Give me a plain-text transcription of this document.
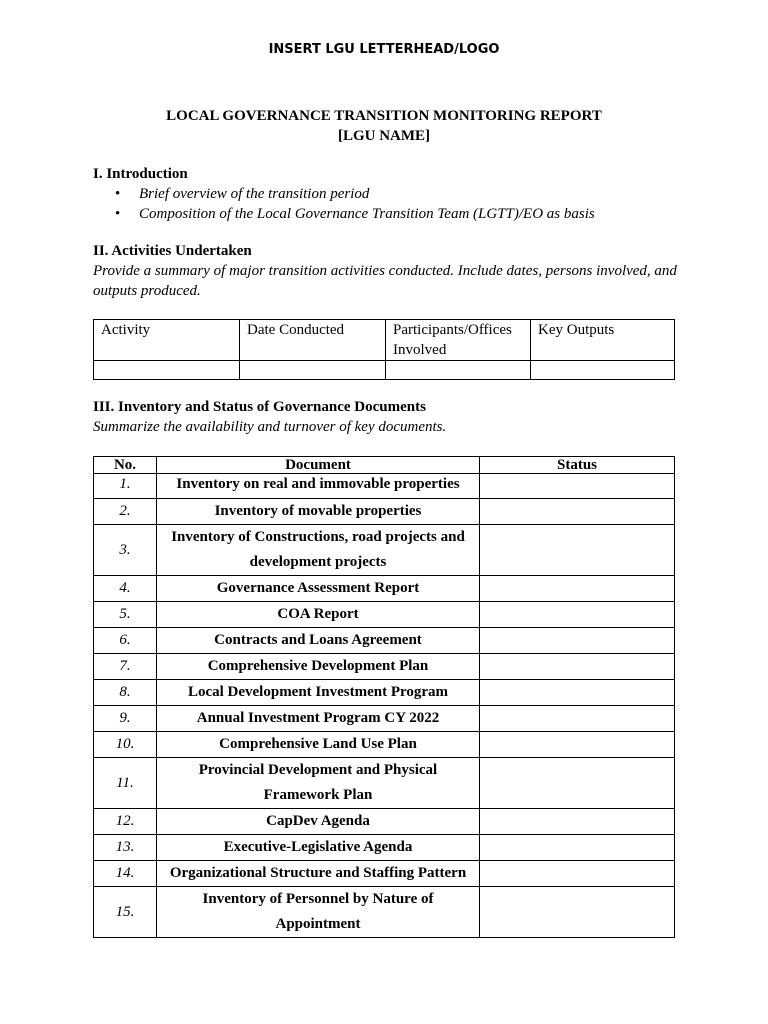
INSERT LGU LETTERHEAD/LOGO
LOCAL GOVERNANCE TRANSITION MONITORING REPORT
[LGU NAME]
I. Introduction
• Brief overview of the transition period
• Composition of the Local Governance Transition Team (LGTT)/EO as basis
II. Activities Undertaken
Provide a summary of major transition activities conducted. Include dates, persons involved, and outputs produced.
Activity	Date Conducted	Participants/Offices Involved	Key Outputs

III. Inventory and Status of Governance Documents
Summarize the availability and turnover of key documents.
No.	Document	Status
1.	Inventory on real and immovable properties	
2.	Inventory of movable properties	
3.	Inventory of Constructions, road projects and development projects	
4.	Governance Assessment Report	
5.	COA Report	
6.	Contracts and Loans Agreement	
7.	Comprehensive Development Plan	
8.	Local Development Investment Program	
9.	Annual Investment Program CY 2022	
10.	Comprehensive Land Use Plan	
11.	Provincial Development and Physical Framework Plan	
12.	CapDev Agenda	
13.	Executive-Legislative Agenda	
14.	Organizational Structure and Staffing Pattern	
15.	Inventory of Personnel by Nature of Appointment	
